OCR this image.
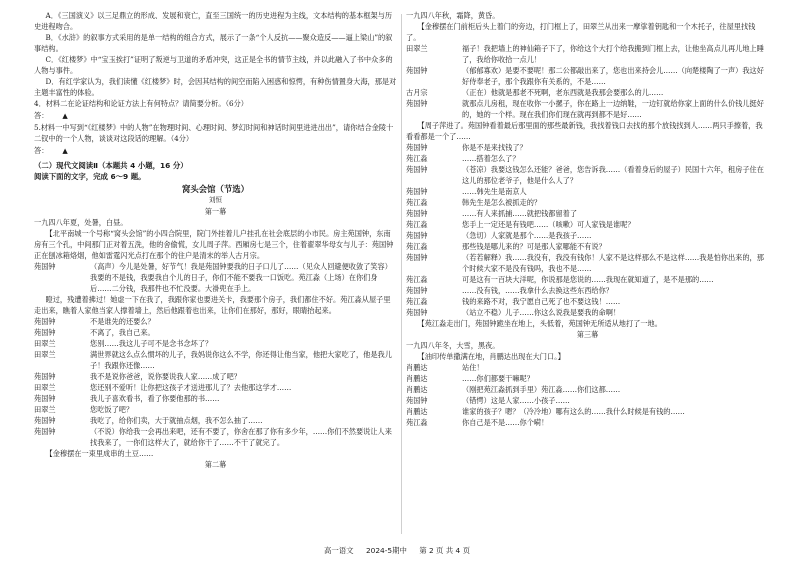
A．《三国演义》以三足鼎立的形成、发展和衰亡，直至三国统一的历史进程为主线，文本结构的基本框架与历史进程吻合。

B．《水浒》的叙事方式采用的是单一结构的组合方式，展示了一条“个人反抗——聚众造反——逼上梁山”的叙事结构。

C．《红楼梦》中“宝玉挨打”证明了叛逆与卫道的矛盾冲突，这正是全书的情节主线，并以此融入了书中众多的人物与事件。

D．有红学家认为，我们读懂《红楼梦》时，会因其结构的间空而陷入困惑和惊愕，有种伤情置身大海，那是对主题丰富性的体验。

4．材料二在论证结构和论证方法上有何特点？请简要分析。（6分）

答： ▲

5.材料一中写到“《红楼梦》中的人物”在物理时间、心理时间、梦幻时间和神话时间里进进出出”，请你结合金陵十二钗中的一个人物，谈谈对这段话的理解。（4分）

答： ▲

（二）现代文阅读Ⅱ（本题共 4 小题，16 分）

阅读下面的文字，完成 6～9 题。

窝头会馆（节选）

刘恒

第一幕

一九四八年夏，处暑，白昼。

【北平南城一个号称“窝头会馆”的小四合院里，院门外挂着儿户挂孔在社会底层的小市民。房主苑国钟，东南房有三个孔，中间那门正对着五洗，他的舍偷慌，女儿周子萍。西厢房七是三个，住着翟翠华母女与儿子：苑国钟正在刨冰箱烙烟，他如雷霆闪光点打在那个的住户是清末的举人古月宗。

苑国钟	（高声）今儿是处暑，好节气！我是苑国钟要我的日子口儿了……（见众人回避便收敛了笑容）我要的不是钱，我要我自个儿的日子，你们不能不要我一口饭吃。苑江淼（上场）在你们身后……二分钱，我那件也不忙没要。大褂兜在手上。
瞪过，残遭着拂过！她虚一下在我了，我跟你家也要进关卡，我要那个房子，我们都住不好。苑江淼从屋子里走出来，瞧着人家他当家人撑着墙上，然后他跟着也出来，让你们在那好，那好，眼睛抬起来。
苑国钟	不是谁先的还要么？
苑国钟	不离了，我自己来。
田翠兰	您别……我这儿子可不是念书念坏了？
田翠兰	满世界就这么点么惯坏的儿子，我妈说你这么不学，你还得让他当家，他把大家吃了，他是我儿子！我跟你还像……
苑国钟	我不是说你爸爸，说你要说我人家……成了吧？
田翠兰	您还别不爱听！让你把这孩子才送进那儿了？去他那这学才……
苑国钟	我儿子喜欢看书，看了你要他那的书……
田翠兰	您吃饭了吧？
苑国钟	我吃了，给你们卖，大于就抽点烟，我不怎么抽了……
苑国钟	（不说）你给我一会再出来吧，还有不要了，你舍在那了你有多少年，……你们不然要说让人来找我来了，一你们这样大了，就给你干了……不干了就完了。
【金穆摆在一束里成串的土豆……

第二幕

一九四八年秋，霜降，黄昏。

【金穆摆在门前柜后头上着门的旁边，打门框上了，田翠兰从出来一摩挲着钥匙和一个木托子，往屋里找钱了。

田翠兰	福子！我把墙上的神仙箱子下了，你给这个大打个给我搬到门框上去，让他坐高点儿再儿地上睡了，我给你收拾一点儿！
苑国钟	（郁郁寡欢）是要不要呢！那二公都敲出来了，您也出来持会儿……（向楚楼陶了一声）我这好好侍奉老子，那个我跟你有关系的，不是……
古月宗	（正在）他就是那老不死啊，老东西就是我那会要那么的儿……
苑国钟	就那点儿房租，现在收你一小摞子，你在路上一边纳鞋，一边钉就给你家上面的什么价钱儿挺好的，她的一个样。现在我们你们现在就再到都不是好……
【周子萍进了。苑国钟看着最后那里面的那些最新钱，我找着钱口去找的那个放钱找到人……两只手擦着，我看看都是一个了……
苑国钟	你是不是来找钱了？
苑江淼	……搭着怎么了？
苑国钟	（苍凉）我要这钱怎么还能？爸爸，您告诉我……（看着身后的屋子）民国十六年，租房子住在这儿的那位老爷子，他是什么人了？
苑国钟	……韩先生是南京人
苑江淼	韩先生是怎么被抓走的？
苑国钟	……有人来抓捕……就把钱都留着了
苑江淼	您手上一定还是有钱吧……（咳嗽）可人家钱是谁呢？
苑国钟	（急切）人家就是那个……是我孩子……
苑江淼	那些钱是哪儿来的？可是那人家哪能不有说？
苑国钟	（若若解释）我……我没有，我没有钱你！人家不是这样那么不是这样……我是怕你出来的，那个时候大家不是没有钱吗，我也不是……
苑江淼	可是这有一百块大洋呢，你说那是您说的……我现在就知道了，是不是那的……
苑国钟	……没有钱，……我拿什么去换这些东西给你？
苑江淼	钱的来路不对，我宁愿自己死了也不要这钱！……
苑国钟	（站立不稳）儿子……你这么说我是要我的命啊！
【苑江淼走出门，苑国钟跪坐在地上，头低着，苑国钟无所适从地打了一地。

第三幕

一九四八年冬，大雪，黑夜。

【油印传单撒满在地，肖鹏达出现在大门口。】

肖鹏达	站住！
肖鹏达	……你们都要干嘛呢？
肖鹏达	（刚把苑江淼抓到手里）苑江淼……你们这都……
苑国钟	（错愕）这是人家……小孩子……
肖鹏达	谁家的孩子？嗯？（冷冷地）哪有这么的……我什么时候是有钱的……
苑江淼	你自己是不是……你个嗬！
高一语文 2024-5期中 第 2 页 共 4 页
